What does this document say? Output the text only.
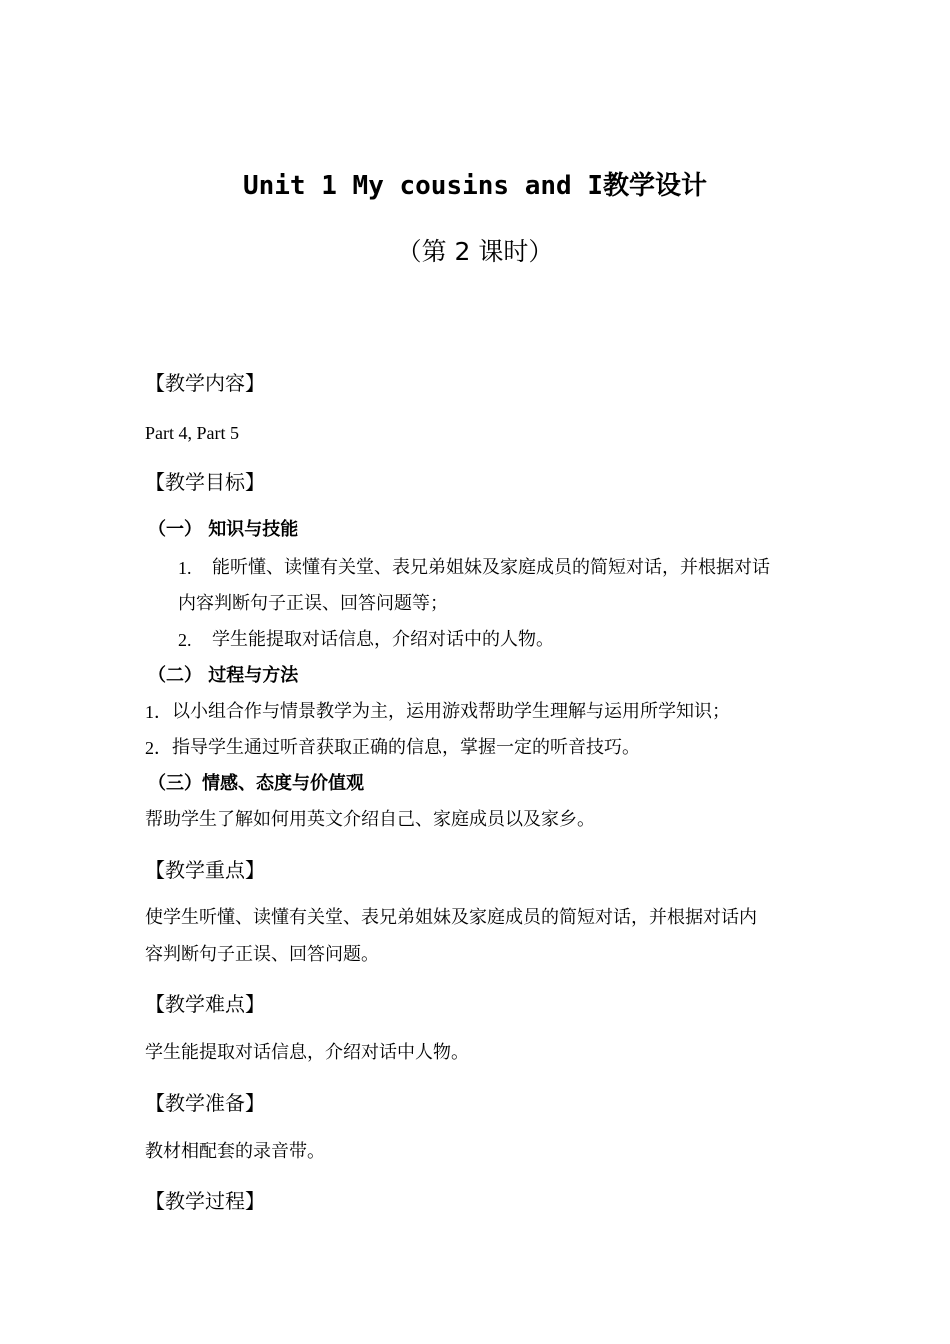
Unit 1 My cousins and I教学设计
（第 2 课时）
【教学内容】
Part 4, Part 5
【教学目标】
（一） 知识与技能
1. 能听懂、读懂有关堂、表兄弟姐妹及家庭成员的简短对话，并根据对话
内容判断句子正误、回答问题等；
2. 学生能提取对话信息，介绍对话中的人物。
（二） 过程与方法
1． 以小组合作与情景教学为主，运用游戏帮助学生理解与运用所学知识；
2． 指导学生通过听音获取正确的信息，掌握一定的听音技巧。
（三）情感、态度与价值观
帮助学生了解如何用英文介绍自己、家庭成员以及家乡。
【教学重点】
使学生听懂、读懂有关堂、表兄弟姐妹及家庭成员的简短对话，并根据对话内
容判断句子正误、回答问题。
【教学难点】
学生能提取对话信息，介绍对话中人物。
【教学准备】
教材相配套的录音带。
【教学过程】
